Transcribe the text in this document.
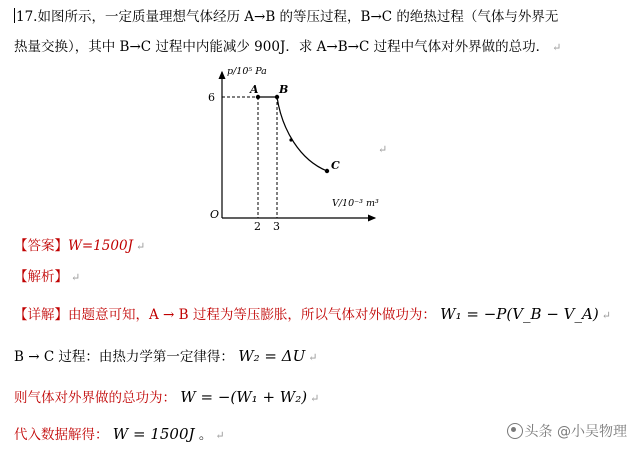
17.如图所示，一定质量理想气体经历 A→B 的等压过程，B→C 的绝热过程（气体与外界无
热量交换），其中 B→C 过程中内能减少 900J．求 A→B→C 过程中气体对外界做的总功． ↵
p/10⁵ Pa
V/10⁻³ m³
O
6
2 3
A B
C
↵
【答案】W=1500J ↵
【解析】 ↵
【详解】由题意可知，A → B 过程为等压膨胀，所以气体对外做功为： W₁ = −P(V_B − V_A) ↵
B → C 过程：由热力学第一定律得： W₂ = ΔU ↵
则气体对外界做的总功为： W = −(W₁ + W₂) ↵
代入数据解得： W = 1500J 。 ↵	头条 @小吴物理
